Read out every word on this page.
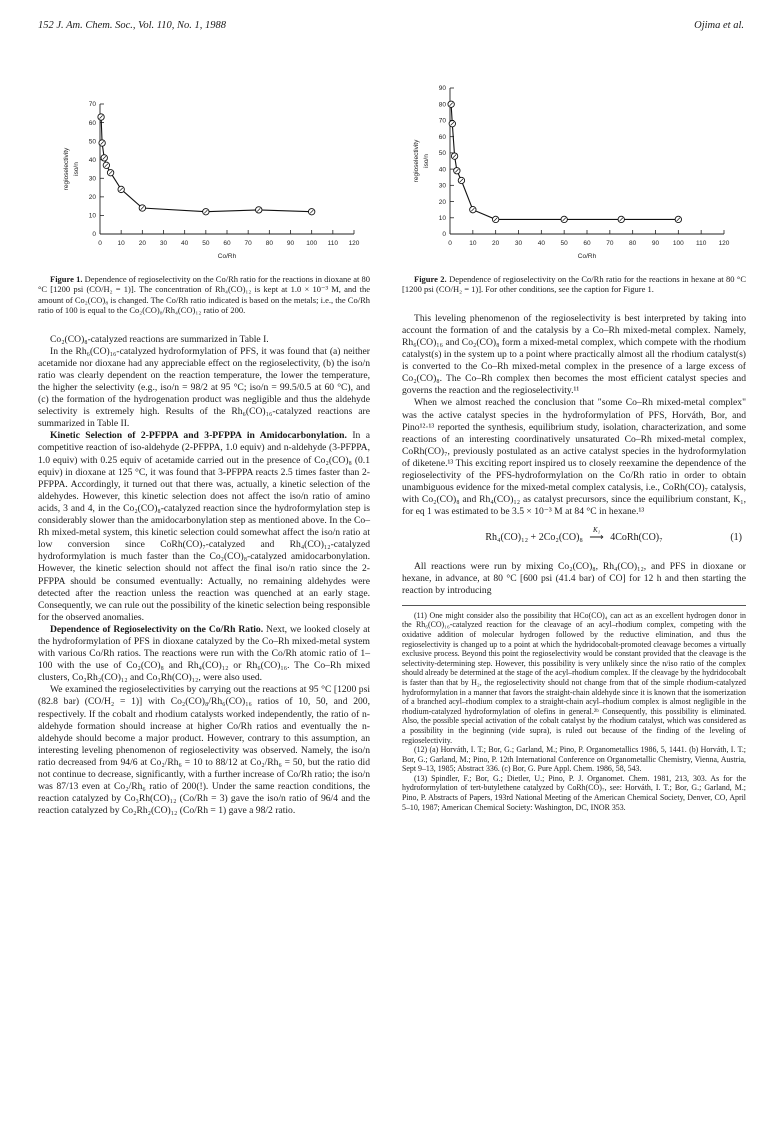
152 J. Am. Chem. Soc., Vol. 110, No. 1, 1988	Ojima et al.
0 10 20 30 40 50 60 70 80 90 100 110 120
0
10
20
30
40
50
60
70
Co/Rh
regioselectivity iso/n

Figure 1. Dependence of regioselectivity on the Co/Rh ratio for the reactions in dioxane at 80 °C [1200 psi (CO/H₂ = 1)]. The concentration of Rh₄(CO)₁₂ is kept at 1.0 × 10⁻³ M, and the amount of Co₂(CO)₈ is changed. The Co/Rh ratio indicated is based on the metals; i.e., the Co/Rh ratio of 100 is equal to the Co₂(CO)₈/Rh₄(CO)₁₂ ratio of 200.

Co₂(CO)₈-catalyzed reactions are summarized in Table I.

In the Rh₆(CO)₁₆-catalyzed hydroformylation of PFS, it was found that (a) neither acetamide nor dioxane had any appreciable effect on the regioselectivity, (b) the iso/n ratio was clearly dependent on the reaction temperature, the lower the temperature, the higher the selectivity (e.g., iso/n = 98/2 at 95 °C; iso/n = 99.5/0.5 at 60 °C), and (c) the formation of the hydrogenation product was negligible and thus the aldehyde selectivity is extremely high. Results of the Rh₆(CO)₁₆-catalyzed reactions are summarized in Table II.

Kinetic Selection of 2-PFPPA and 3-PFPPA in Amidocarbonylation. In a competitive reaction of iso-aldehyde (2-PFPPA, 1.0 equiv) and n-aldehyde (3-PFPPA, 1.0 equiv) with 0.25 equiv of acetamide carried out in the presence of Co₂(CO)₈ (0.1 equiv) in dioxane at 125 °C, it was found that 3-PFPPA reacts 2.5 times faster than 2-PFPPA. Accordingly, it turned out that there was, actually, a kinetic selection of the aldehydes. However, this kinetic selection does not affect the iso/n ratio of amino acids, 3 and 4, in the Co₂(CO)₈-catalyzed reaction since the hydroformylation step is considerably slower than the amidocarbonylation step as mentioned above. In the Co–Rh mixed-metal system, this kinetic selection could somewhat affect the iso/n ratio at low conversion since CoRh(CO)₇-catalyzed and Rh₄(CO)₁₂-catalyzed hydroformylation is much faster than the Co₂(CO)₈-catalyzed amidocarbonylation. However, the kinetic selection should not affect the final iso/n ratio since the 2-PFPPA should be consumed eventually: Actually, no remaining aldehydes were detected after the reaction unless the reaction was quenched at an early stage. Consequently, we can rule out the possibility of the kinetic selection being responsible for the observed anomalies.

Dependence of Regioselectivity on the Co/Rh Ratio. Next, we looked closely at the hydroformylation of PFS in dioxane catalyzed by the Co–Rh mixed-metal system with various Co/Rh ratios. The reactions were run with the Co/Rh atomic ratio of 1–100 with the use of Co₂(CO)₈ and Rh₄(CO)₁₂ or Rh₆(CO)₁₆. The Co–Rh mixed clusters, Co₂Rh₂(CO)₁₂ and Co₃Rh(CO)₁₂, were also used.

We examined the regioselectivities by carrying out the reactions at 95 °C [1200 psi (82.8 bar) (CO/H₂ = 1)] with Co₂(CO)₈/Rh₆(CO)₁₆ ratios of 10, 50, and 200, respectively. If the cobalt and rhodium catalysts worked independently, the ratio of n-aldehyde formation should increase at higher Co/Rh ratios and eventually the n-aldehyde should become a major product. However, contrary to this assumption, an interesting leveling phenomenon of regioselectivity was observed. Namely, the iso/n ratio decreased from 94/6 at Co₂/Rh₆ = 10 to 88/12 at Co₂/Rh₆ = 50, but the ratio did not continue to decrease, significantly, with a further increase of Co/Rh ratio; the iso/n was 87/13 even at Co₂/Rh₆ ratio of 200(!). Under the same reaction conditions, the reaction catalyzed by Co₃Rh(CO)₁₂ (Co/Rh = 3) gave the iso/n ratio of 96/4 and the reaction catalyzed by Co₂Rh₂(CO)₁₂ (Co/Rh = 1) gave a 98/2 ratio.

0	10 20 30 40 50 60 70 80 90 100 110 120
0
10
20
30
40
50
60
70
80
90
Co/Rh
regioselectivity iso/n

Figure 2. Dependence of regioselectivity on the Co/Rh ratio for the reactions in hexane at 80 °C [1200 psi (CO/H₂ = 1)]. For other conditions, see the caption for Figure 1.

This leveling phenomenon of the regioselectivity is best interpreted by taking into account the formation of and the catalysis by a Co–Rh mixed-metal complex. Namely, Rh₆(CO)₁₆ and Co₂(CO)₈ form a mixed-metal complex, which compete with the rhodium catalyst(s) in the system up to a point where practically almost all the rhodium catalyst(s) is converted to the Co–Rh mixed-metal complex in the presence of a large excess of Co₂(CO)₈. The Co–Rh complex then becomes the most efficient catalyst species and governs the reaction and the regioselectivity.¹¹

When we almost reached the conclusion that "some Co–Rh mixed-metal complex" was the active catalyst species in the hydroformylation of PFS, Horváth, Bor, and Pino¹²·¹³ reported the synthesis, equilibrium study, isolation, characterization, and some reactions of an interesting coordinatively unsaturated Co–Rh mixed-metal complex, CoRh(CO)₇, previously postulated as an active catalyst species in the hydroformylation of diketene.¹³ This exciting report inspired us to closely reexamine the dependence of the regioselectivity of the PFS-hydroformylation on the Co/Rh ratio in order to obtain unambiguous evidence for the mixed-metal complex catalysis, i.e., CoRh(CO)₇ catalysis, with Co₂(CO)₈ and Rh₄(CO)₁₂ as catalyst precursors, since the equilibrium constant, K₁, for eq 1 was estimated to be 3.5 × 10⁻³ M at 84 °C in hexane.¹³

Rh₄(CO)₁₂ + 2Co₂(CO)₈
K₁
⟶ 4CoRh(CO)₇	(1)

All reactions were run by mixing Co₂(CO)₈, Rh₄(CO)₁₂, and PFS in dioxane or hexane, in advance, at 80 °C [600 psi (41.4 bar) of CO] for 12 h and then starting the reaction by introducing

(11) One might consider also the possibility that HCo(CO)₄ can act as an excellent hydrogen donor in the Rh₆(CO)₁₆-catalyzed reaction for the cleavage of an acyl–rhodium complex, competing with the oxidative addition of molecular hydrogen followed by the reductive elimination, and thus the regioselectivity is changed up to a point at which the hydridocobalt-promoted cleavage becomes a virtually exclusive process. Beyond this point the regioselectivity would be constant provided that the cleavage is the selectivity-determining step. However, this possibility is very unlikely since the n/iso ratio of the complex should already be determined at the stage of the acyl–rhodium complex. If the cleavage by the hydridocobalt is faster than that by H₂, the regioselectivity should not change from that of the simple rhodium-catalyzed hydroformylation in a manner that favors the straight-chain aldehyde since it is known that the isomerization of a branched acyl–rhodium complex to a straight-chain acyl–rhodium complex is almost negligible in the rhodium-catalyzed hydroformylation of olefins in general.²ᵇ Consequently, this possibility is eliminated. Also, the possible special activation of the cobalt catalyst by the rhodium catalyst, which was considered as a possibility in the beginning (vide supra), is ruled out because of the finding of the leveling of regioselectivity.

(12) (a) Horváth, I. T.; Bor, G.; Garland, M.; Pino, P. Organometallics 1986, 5, 1441. (b) Horváth, I. T.; Bor, G.; Garland, M.; Pino, P. 12th International Conference on Organometallic Chemistry, Vienna, Austria, Sept 9–13, 1985; Abstract 336. (c) Bor, G. Pure Appl. Chem. 1986, 58, 543.

(13) Spindler, F.; Bor, G.; Dietler, U.; Pino, P. J. Organomet. Chem. 1981, 213, 303. As for the hydroformylation of tert-butylethene catalyzed by CoRh(CO)₇, see: Horváth, I. T.; Bor, G.; Garland, M.; Pino, P. Abstracts of Papers, 193rd National Meeting of the American Chemical Society, Denver, CO, April 5–10, 1987; American Chemical Society: Washington, DC, INOR 353.
